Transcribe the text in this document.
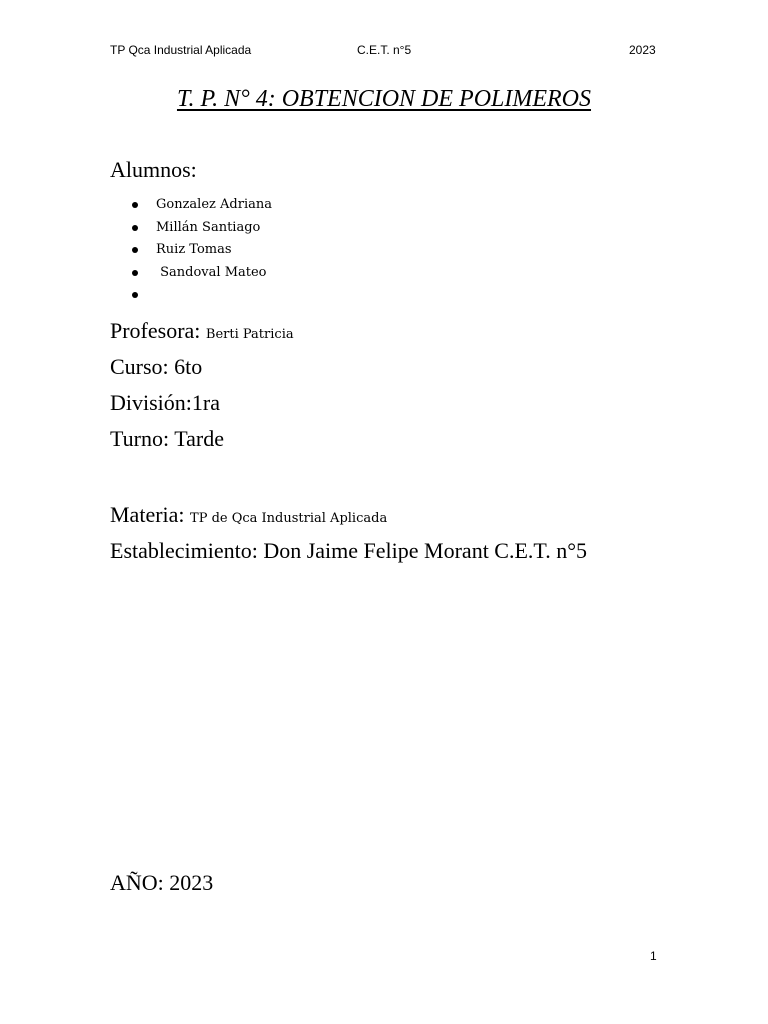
TP Qca Industrial Aplicada	C.E.T. n°5	2023
T. P. N° 4: OBTENCION DE POLIMEROS
Alumnos:
Gonzalez Adriana
Millán Santiago
Ruiz Tomas
Sandoval Mateo
Profesora: Berti Patricia
Curso: 6to
División:1ra
Turno: Tarde
Materia: TP de Qca Industrial Aplicada
Establecimiento: Don Jaime Felipe Morant C.E.T. n°5
AÑO: 2023
1
